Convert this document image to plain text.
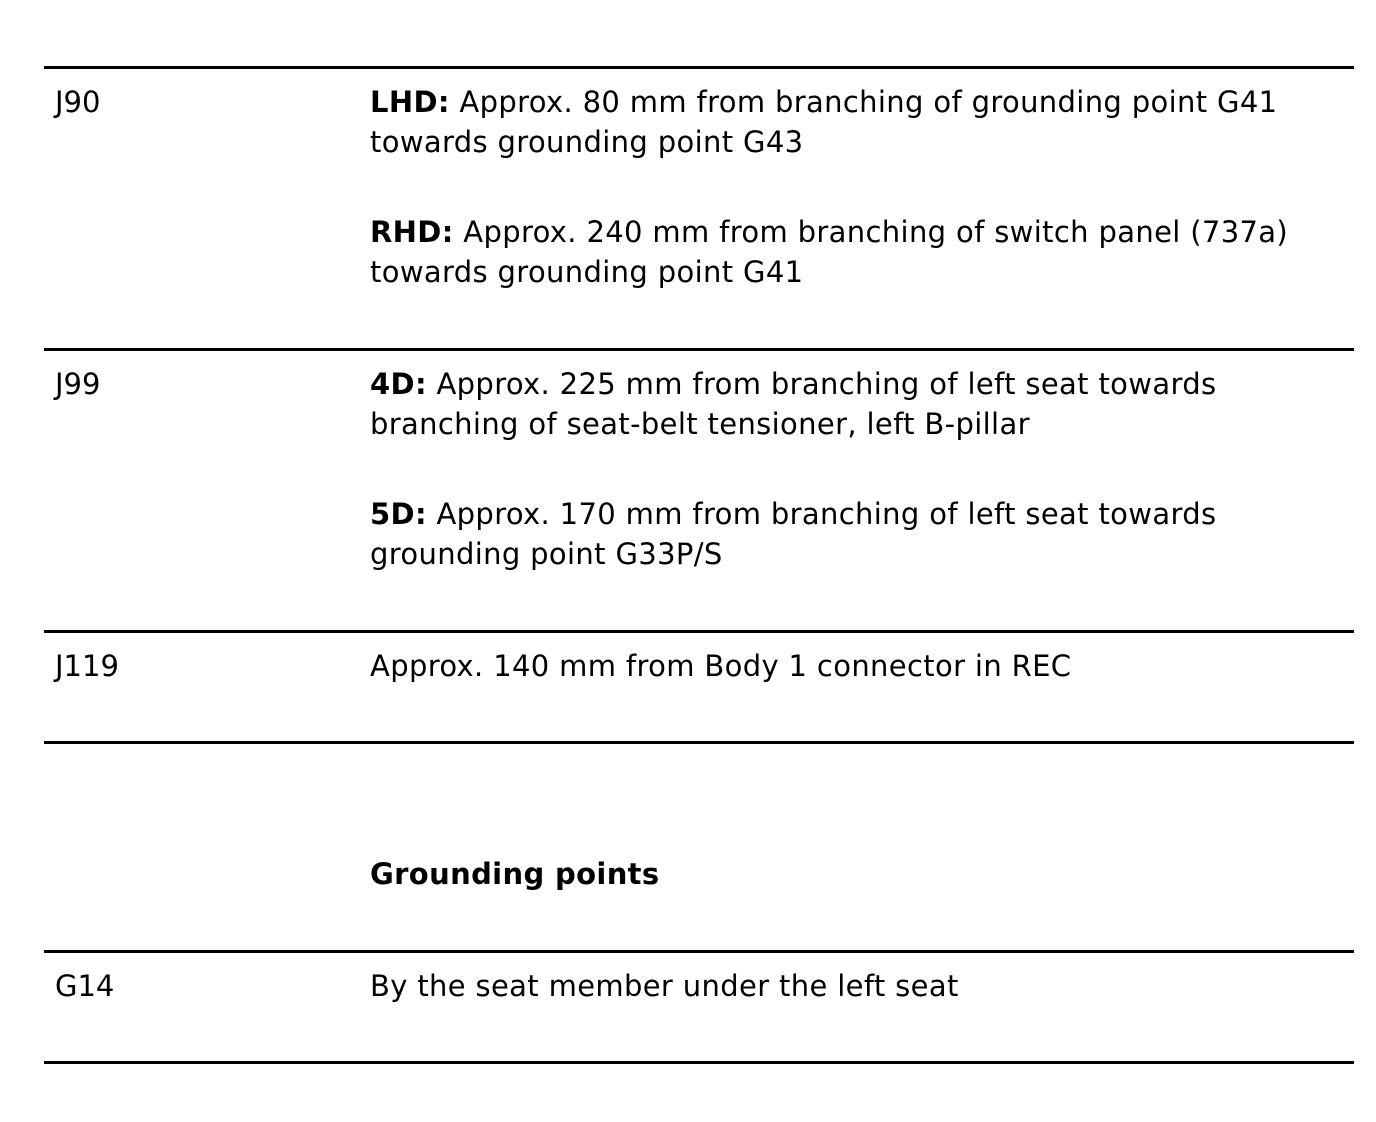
J90	LHD: Approx. 80 mm from branching of grounding point G41 towards grounding point G43
RHD: Approx. 240 mm from branching of switch panel (737a) towards grounding point G41
J99	4D: Approx. 225 mm from branching of left seat towards branching of seat-belt tensioner, left B-pillar
5D: Approx. 170 mm from branching of left seat towards grounding point G33P/S
J119	Approx. 140 mm from Body 1 connector in REC
Grounding points
G14	By the seat member under the left seat
